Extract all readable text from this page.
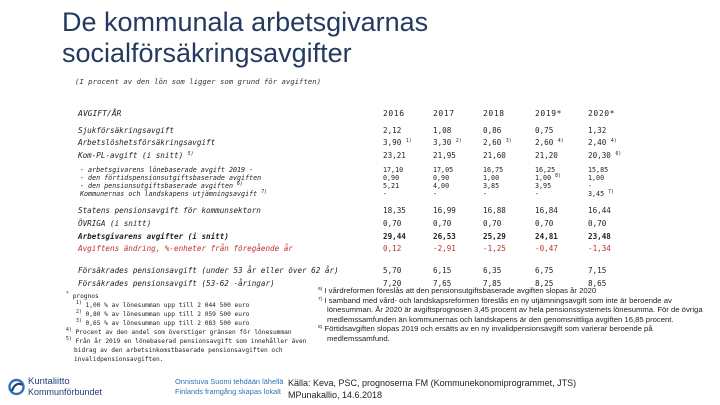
De kommunala arbetsgivarnas
socialförsäkringsavgifter
(I procent av den lön som ligger som grund för avgiften)
AVGIFT/ÅR	2016	2017	2018	2019*	2020*
Sjukförsäkringsavgift	2,12	1,08	0,86	0,75	1,32
Arbetslöshetsförsäkringsavgift	3,90 $^{1)}$	3,30 $^{2)}$	2,60 $^{3)}$	2,60 $^{4)}$	2,40 $^{4)}$
Kom-PL-avgift (i snitt) $^{5)}$	23,21	21,95	21,60	21,20	20,30 $^{6)}$
- arbetsgivarens lönebaserade avgift 2019 -	17,10	17,05	16,75	16,25	15,85
- den förtidspensionsutgiftsbaserade avgiften	0,90	0,90	1,00	1,00 $^{8)}$	1,00
- den pensionsutgiftsbaserade avgiften $^{6)}$	5,21	4,00	3,85	3,95	-
Kommunernas och landskapens utjämningsavgift $^{7)}$	-	-	-	-	3,45 $^{7)}$
Statens pensionsavgift för kommunsektorn	18,35	16,99	16,88	16,84	16,44
ÖVRIGA (i snitt)	0,70	0,70	0,70	0,70	0,70
Arbetsgivarens avgifter (i snitt)	29,44	26,53	25,29	24,81	23,48
Avgiftens ändring, %-enheter från föregående år	0,12	-2,91	-1,25	-0,47	-1,34
Försäkrades pensionsavgift (under 53 år eller över 62 år)	5,70	6,15	6,35	6,75	7,15
Försäkrades pensionsavgift (53-62 -åringar)	7,20	7,65	7,85	8,25	8,65
* prognos
$^{1)}$ 1,00 % av lönesumman upp till 2 044 500 euro
$^{2)}$ 0,80 % av lönesumman upp till 2 059 500 euro
$^{3)}$ 0,65 % av lönesumman upp till 2 083 500 euro
$^{4)}$ Procent av den andel som överstiger gränsen för lönesumman
$^{5)}$ Från år 2019 en lönebaserad pensionsavgift som innehåller även bidrag av den arbetsinkomstbaserade pensionsavgiften och invalidpensionsavgiften.
$^{6)}$ I vårdreformen föreslås att den pensionsutgiftsbaserade avgiften slopas år 2020
$^{7)}$ I samband med vård- och landskapsreformen föreslås en ny utjämningsavgift som inte är beroende av lönesumman. År 2020 är avgiftsprognosen 3,45 procent av hela pensionssystemets lönesumma. För de övriga medlemssamfunden än kommunernas och landskapens är den genomsnittliga avgiften 16,85 procent.
$^{8)}$ Förtidsavgiften slopas 2019 och ersätts av en ny invalidpensionsavgift som varierar beroende på medlemssamfund.
Kuntaliitto
Kommunförbundet
Onnistuva Suomi tehdään lähellä
Finlands framgång skapas lokalt
Källa: Keva, PSC, prognoserna FM (Kommunekonomiprogrammet, JTS)
MPunakallio, 14.6.2018
